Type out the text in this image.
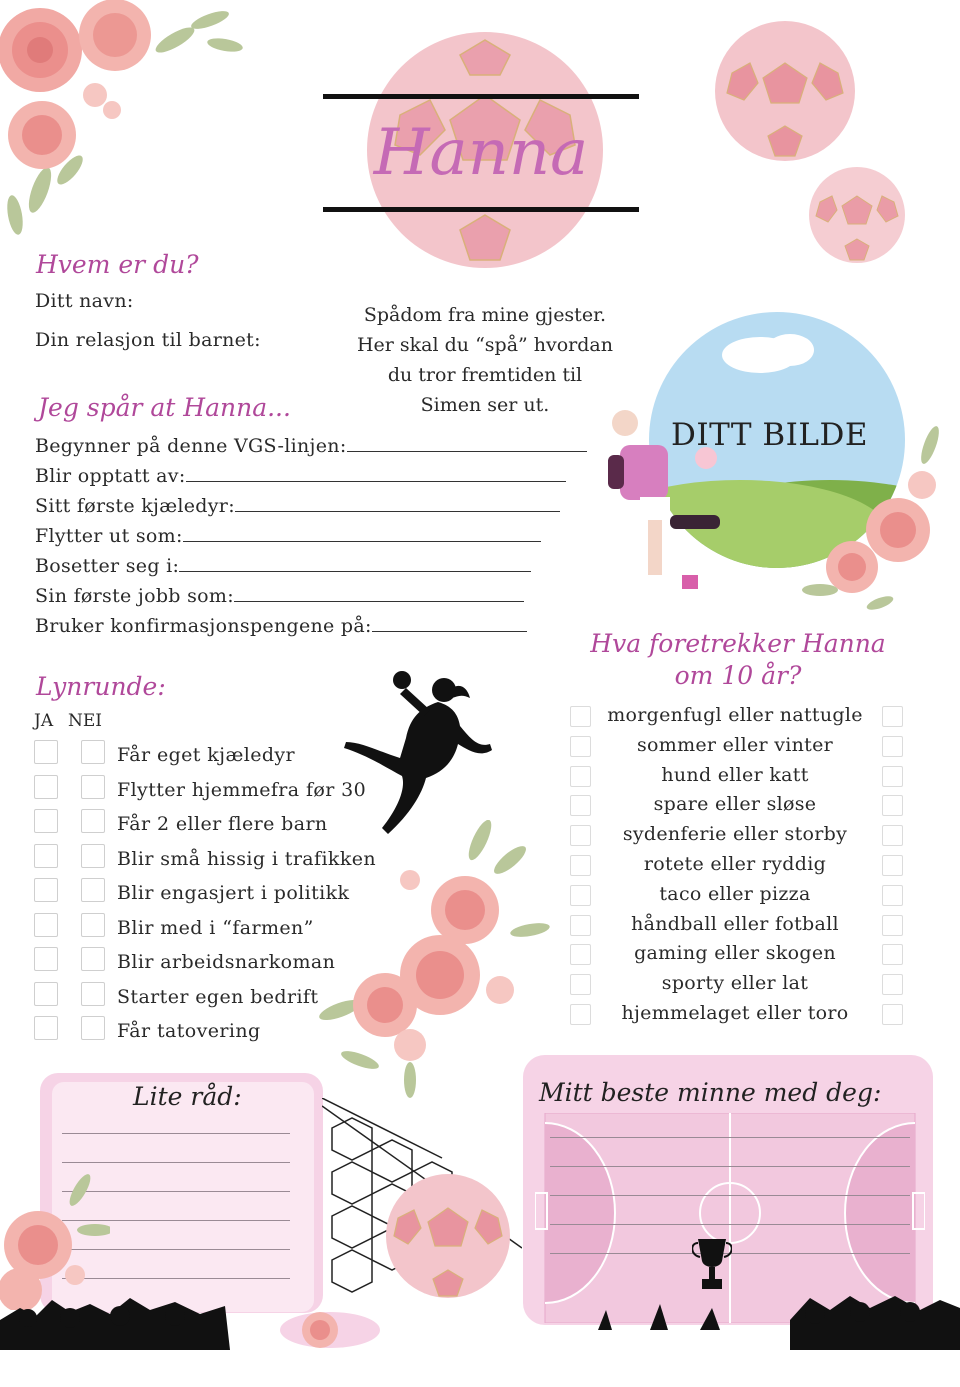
Hanna
Hvem er du?
Ditt navn:
Din relasjon til barnet:
Spådom fra mine gjester.
Her skal du “spå” hvordan
du tror fremtiden til
Simen ser ut.
Jeg spår at Hanna...
Begynner på denne VGS-linjen:
Blir opptatt av:
Sitt første kjæledyr:
Flytter ut som:
Bosetter seg i:
Sin første jobb som:
Bruker konfirmasjonspengene på:
DITT BILDE
Hva foretrekker Hanna
om 10 år?
morgenfugl eller nattugle
sommer eller vinter
hund eller katt
spare eller sløse
sydenferie eller storby
rotete eller ryddig
taco eller pizza
håndball eller fotball
gaming eller skogen
sporty eller lat
hjemmelaget eller toro
Lynrunde:
JA NEI
Får eget kjæledyr
Flytter hjemmefra før 30
Får 2 eller flere barn
Blir små hissig i trafikken
Blir engasjert i politikk
Blir med i “farmen”
Blir arbeidsnarkoman
Starter egen bedrift
Får tatovering
Lite råd:	Mitt beste minne med deg:
